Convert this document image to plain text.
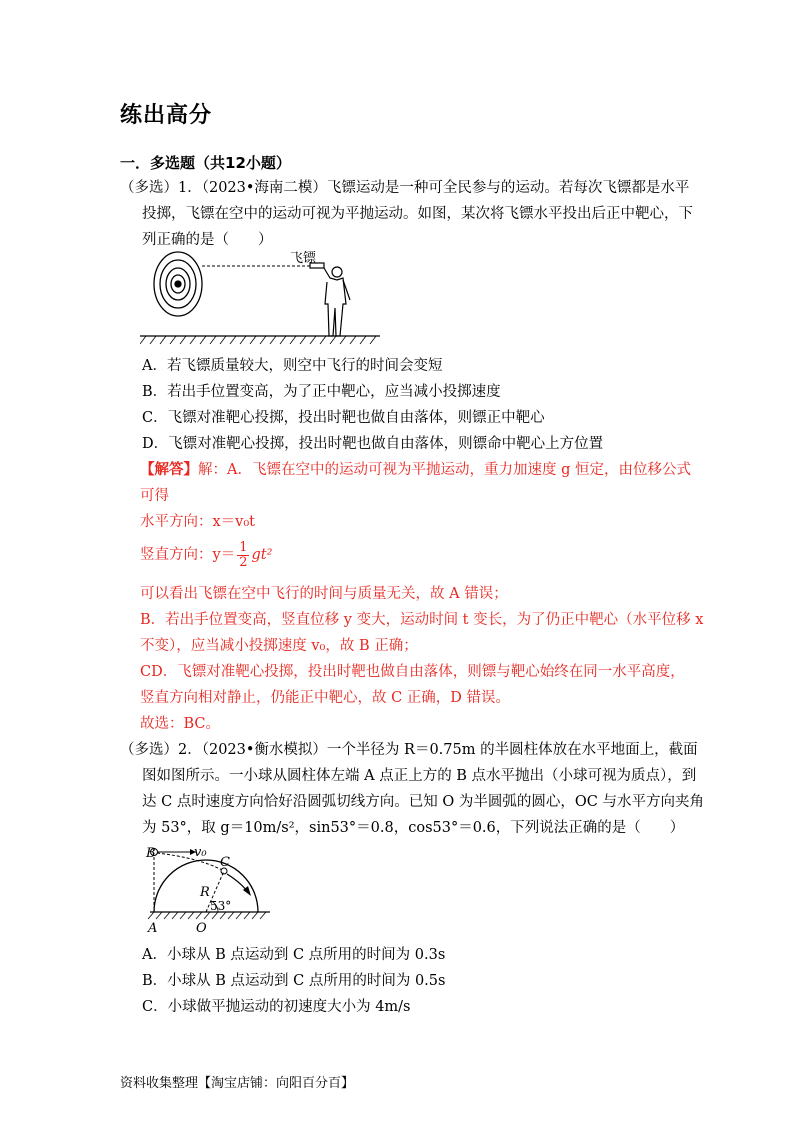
练出高分
一．多选题（共12小题）
（多选）1．（2023•海南二模）飞镖运动是一种可全民参与的运动。若每次飞镖都是水平
投掷，飞镖在空中的运动可视为平抛运动。如图，某次将飞镖水平投出后正中靶心，下
列正确的是（　　）
飞镖
A．若飞镖质量较大，则空中飞行的时间会变短
B．若出手位置变高，为了正中靶心，应当减小投掷速度
C．飞镖对准靶心投掷，投出时靶也做自由落体，则镖正中靶心
D．飞镖对准靶心投掷，投出时靶也做自由落体，则镖命中靶心上方位置
【解答】解：A．飞镖在空中的运动可视为平抛运动，重力加速度 g 恒定，由位移公式
可得
水平方向：x＝v₀t
竖直方向：$y= \frac{1}{2} gt^2$
可以看出飞镖在空中飞行的时间与质量无关，故 A 错误；
B．若出手位置变高，竖直位移 y 变大，运动时间 t 变长，为了仍正中靶心（水平位移 x
不变），应当减小投掷速度 v₀，故 B 正确；
CD．飞镖对准靶心投掷，投出时靶也做自由落体，则镖与靶心始终在同一水平高度，
竖直方向相对静止，仍能正中靶心，故 C 正确，D 错误。
故选：BC。
（多选）2．（2023•衡水模拟）一个半径为 R＝0.75m 的半圆柱体放在水平地面上，截面
图如图所示。一小球从圆柱体左端 A 点正上方的 B 点水平抛出（小球可视为质点），到
达 C 点时速度方向恰好沿圆弧切线方向。已知 O 为半圆弧的圆心，OC 与水平方向夹角
为 53°，取 g＝10m/s²，sin53°＝0.8，cos53°＝0.6，下列说法正确的是（　　）
B	v₀
C
R
53°
A	O
A．小球从 B 点运动到 C 点所用的时间为 0.3s
B．小球从 B 点运动到 C 点所用的时间为 0.5s
C．小球做平抛运动的初速度大小为 4m/s
资料收集整理【淘宝店铺：向阳百分百】
